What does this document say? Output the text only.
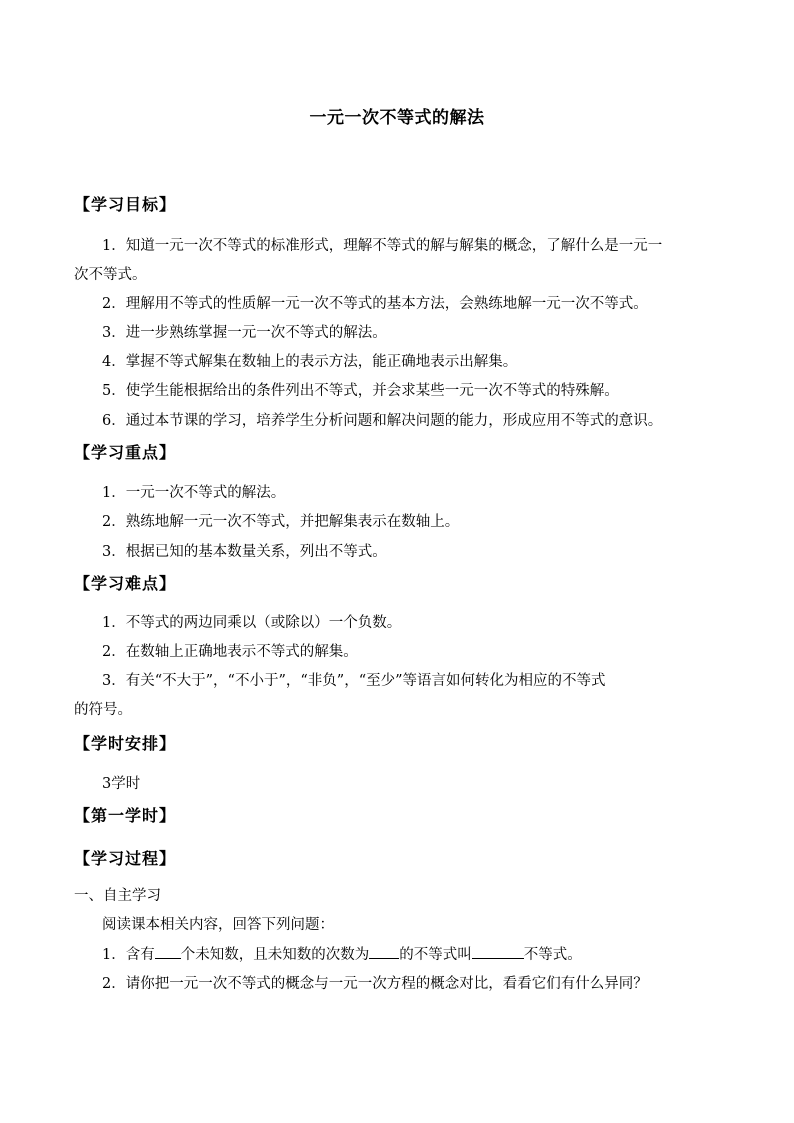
一元一次不等式的解法
【学习目标】
1．知道一元一次不等式的标准形式，理解不等式的解与解集的概念，了解什么是一元一
次不等式。
2．理解用不等式的性质解一元一次不等式的基本方法，会熟练地解一元一次不等式。
3．进一步熟练掌握一元一次不等式的解法。
4．掌握不等式解集在数轴上的表示方法，能正确地表示出解集。
5．使学生能根据给出的条件列出不等式，并会求某些一元一次不等式的特殊解。
6．通过本节课的学习，培养学生分析问题和解决问题的能力，形成应用不等式的意识。
【学习重点】
1．一元一次不等式的解法。
2．熟练地解一元一次不等式，并把解集表示在数轴上。
3．根据已知的基本数量关系，列出不等式。
【学习难点】
1．不等式的两边同乘以（或除以）一个负数。
2．在数轴上正确地表示不等式的解集。
3．有关“不大于”，“不小于”，“非负”，“至少”等语言如何转化为相应的不等式
的符号。
【学时安排】
3学时
【第一学时】
【学习过程】
一、自主学习
阅读课本相关内容，回答下列问题：
1．含有 个未知数，且未知数的次数为 的不等式叫	不等式。
2．请你把一元一次不等式的概念与一元一次方程的概念对比，看看它们有什么异同？
